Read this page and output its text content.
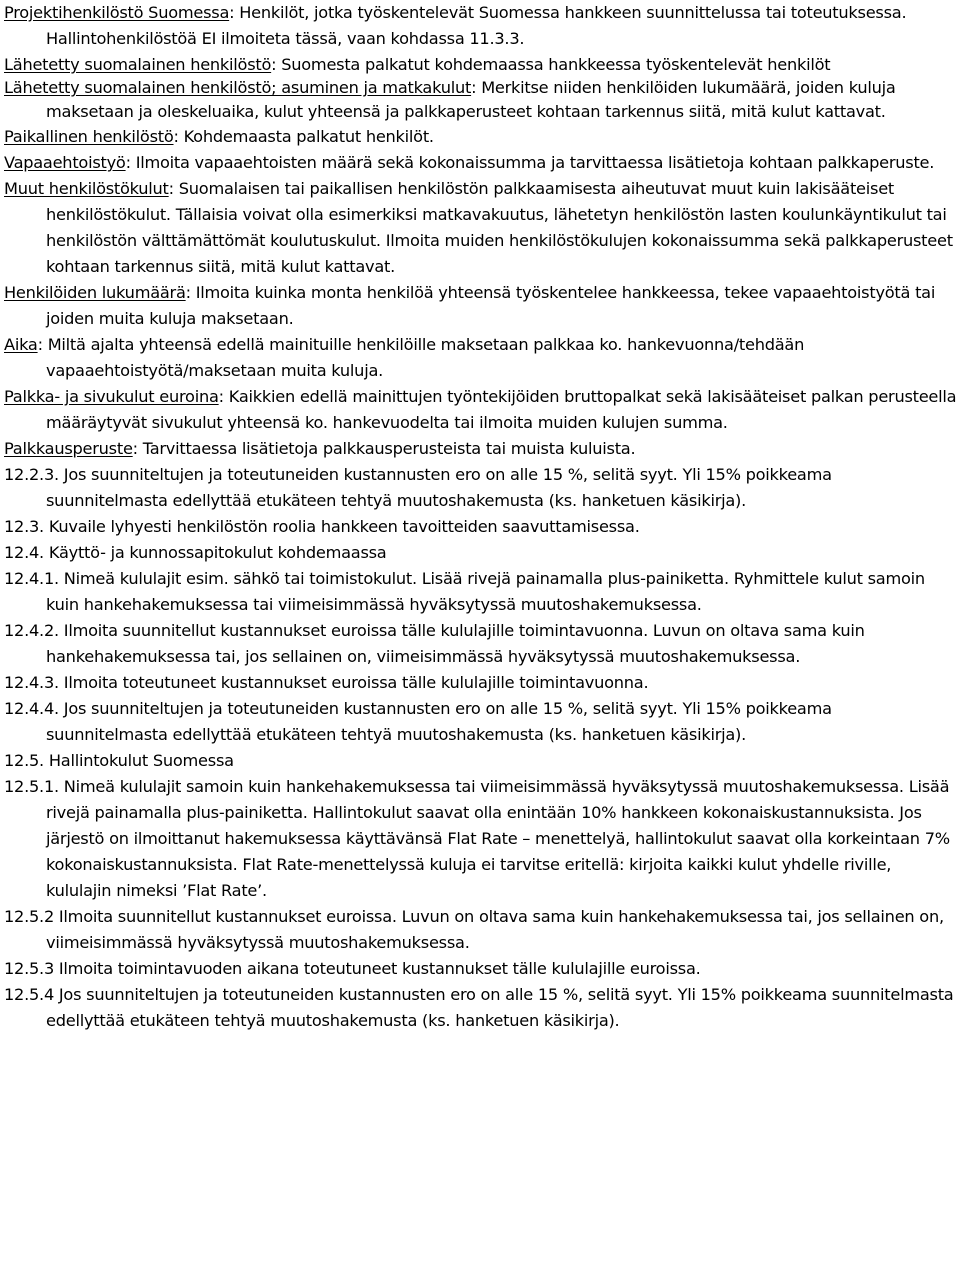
Projektihenkilöstö Suomessa: Henkilöt, jotka työskentelevät Suomessa hankkeen suunnittelussa tai toteutuksessa. Hallintohenkilöstöä EI ilmoiteta tässä, vaan kohdassa 11.3.3.

Lähetetty suomalainen henkilöstö: Suomesta palkatut kohdemaassa hankkeessa työskentelevät henkilöt

Lähetetty suomalainen henkilöstö; asuminen ja matkakulut: Merkitse niiden henkilöiden lukumäärä, joiden kuluja maksetaan ja oleskeluaika, kulut yhteensä ja palkkaperusteet kohtaan tarkennus siitä, mitä kulut kattavat.

Paikallinen henkilöstö: Kohdemaasta palkatut henkilöt.

Vapaaehtoistyö: Ilmoita vapaaehtoisten määrä sekä kokonaissumma ja tarvittaessa lisätietoja kohtaan palkkaperuste.

Muut henkilöstökulut: Suomalaisen tai paikallisen henkilöstön palkkaamisesta aiheutuvat muut kuin lakisääteiset henkilöstökulut. Tällaisia voivat olla esimerkiksi matkavakuutus, lähetetyn henkilöstön lasten koulunkäyntikulut tai henkilöstön välttämättömät koulutuskulut. Ilmoita muiden henkilöstökulujen kokonaissumma sekä palkkaperusteet kohtaan tarkennus siitä, mitä kulut kattavat.

Henkilöiden lukumäärä: Ilmoita kuinka monta henkilöä yhteensä työskentelee hankkeessa, tekee vapaaehtoistyötä tai joiden muita kuluja maksetaan.

Aika: Miltä ajalta yhteensä edellä mainituille henkilöille maksetaan palkkaa ko. hankevuonna/tehdään vapaaehtoistyötä/maksetaan muita kuluja.

Palkka- ja sivukulut euroina: Kaikkien edellä mainittujen työntekijöiden bruttopalkat sekä lakisääteiset palkan perusteella määräytyvät sivukulut yhteensä ko. hankevuodelta tai ilmoita muiden kulujen summa.

Palkkausperuste: Tarvittaessa lisätietoja palkkausperusteista tai muista kuluista.

12.2.3. Jos suunniteltujen ja toteutuneiden kustannusten ero on alle 15 %, selitä syyt. Yli 15% poikkeama suunnitelmasta edellyttää etukäteen tehtyä muutoshakemusta (ks. hanketuen käsikirja).

12.3. Kuvaile lyhyesti henkilöstön roolia hankkeen tavoitteiden saavuttamisessa.

12.4. Käyttö- ja kunnossapitokulut kohdemaassa

12.4.1. Nimeä kululajit esim. sähkö tai toimistokulut. Lisää rivejä painamalla plus-painiketta. Ryhmittele kulut samoin kuin hankehakemuksessa tai viimeisimmässä hyväksytyssä muutoshakemuksessa.

12.4.2. Ilmoita suunnitellut kustannukset euroissa tälle kululajille toimintavuonna. Luvun on oltava sama kuin hankehakemuksessa tai, jos sellainen on, viimeisimmässä hyväksytyssä muutoshakemuksessa.

12.4.3. Ilmoita toteutuneet kustannukset euroissa tälle kululajille toimintavuonna.

12.4.4. Jos suunniteltujen ja toteutuneiden kustannusten ero on alle 15 %, selitä syyt. Yli 15% poikkeama suunnitelmasta edellyttää etukäteen tehtyä muutoshakemusta (ks. hanketuen käsikirja).

12.5. Hallintokulut Suomessa

12.5.1. Nimeä kululajit samoin kuin hankehakemuksessa tai viimeisimmässä hyväksytyssä muutoshakemuksessa. Lisää rivejä painamalla plus-painiketta. Hallintokulut saavat olla enintään 10% hankkeen kokonaiskustannuksista. Jos järjestö on ilmoittanut hakemuksessa käyttävänsä Flat Rate – menettelyä, hallintokulut saavat olla korkeintaan 7% kokonaiskustannuksista. Flat Rate-menettelyssä kuluja ei tarvitse eritellä: kirjoita kaikki kulut yhdelle riville, kululajin nimeksi ’Flat Rate’.

12.5.2 Ilmoita suunnitellut kustannukset euroissa. Luvun on oltava sama kuin hankehakemuksessa tai, jos sellainen on, viimeisimmässä hyväksytyssä muutoshakemuksessa.

12.5.3 Ilmoita toimintavuoden aikana toteutuneet kustannukset tälle kululajille euroissa.

12.5.4 Jos suunniteltujen ja toteutuneiden kustannusten ero on alle 15 %, selitä syyt. Yli 15% poikkeama suunnitelmasta edellyttää etukäteen tehtyä muutoshakemusta (ks. hanketuen käsikirja).
